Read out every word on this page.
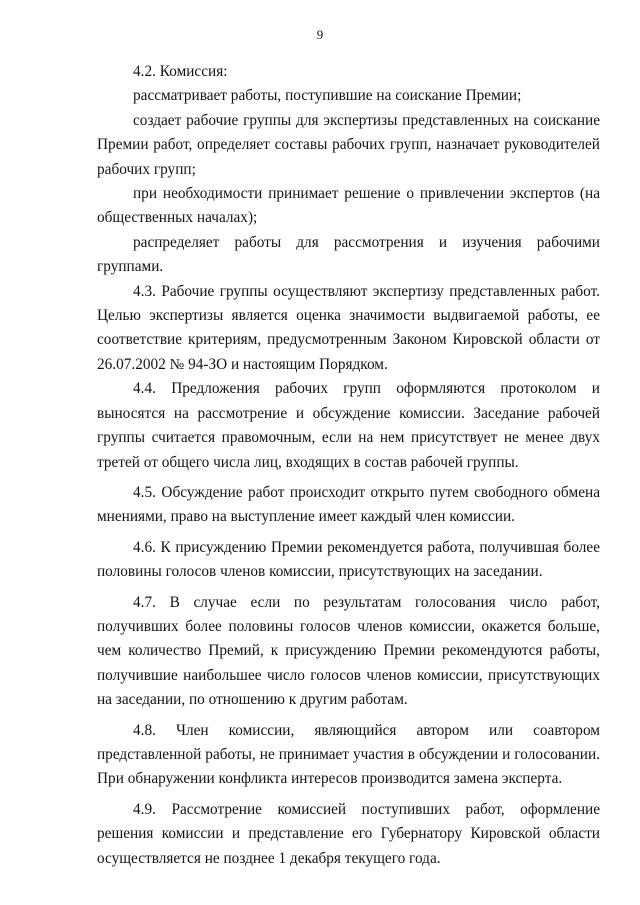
9

4.2. Комиссия:

рассматривает работы, поступившие на соискание Премии;

создает рабочие группы для экспертизы представленных на соискание Премии работ, определяет составы рабочих групп, назначает руководителей рабочих групп;

при необходимости принимает решение о привлечении экспертов (на общественных началах);

распределяет работы для рассмотрения и изучения рабочими группами.

4.3. Рабочие группы осуществляют экспертизу представленных работ. Целью экспертизы является оценка значимости выдвигаемой работы, ее соответствие критериям, предусмотренным Законом Кировской области от 26.07.2002 № 94-ЗО и настоящим Порядком.

4.4. Предложения рабочих групп оформляются протоколом и выносятся на рассмотрение и обсуждение комиссии. Заседание рабочей группы считается правомочным, если на нем присутствует не менее двух третей от общего числа лиц, входящих в состав рабочей группы.

4.5. Обсуждение работ происходит открыто путем свободного обмена мнениями, право на выступление имеет каждый член комиссии.

4.6. К присуждению Премии рекомендуется работа, получившая более половины голосов членов комиссии, присутствующих на заседании.

4.7. В случае если по результатам голосования число работ, получивших более половины голосов членов комиссии, окажется больше, чем количество Премий, к присуждению Премии рекомендуются работы, получившие наибольшее число голосов членов комиссии, присутствующих на заседании, по отношению к другим работам.

4.8. Член комиссии, являющийся автором или соавтором представленной работы, не принимает участия в обсуждении и голосовании. При обнаружении конфликта интересов производится замена эксперта.

4.9. Рассмотрение комиссией поступивших работ, оформление решения комиссии и представление его Губернатору Кировской области осуществляется не позднее 1 декабря текущего года.
